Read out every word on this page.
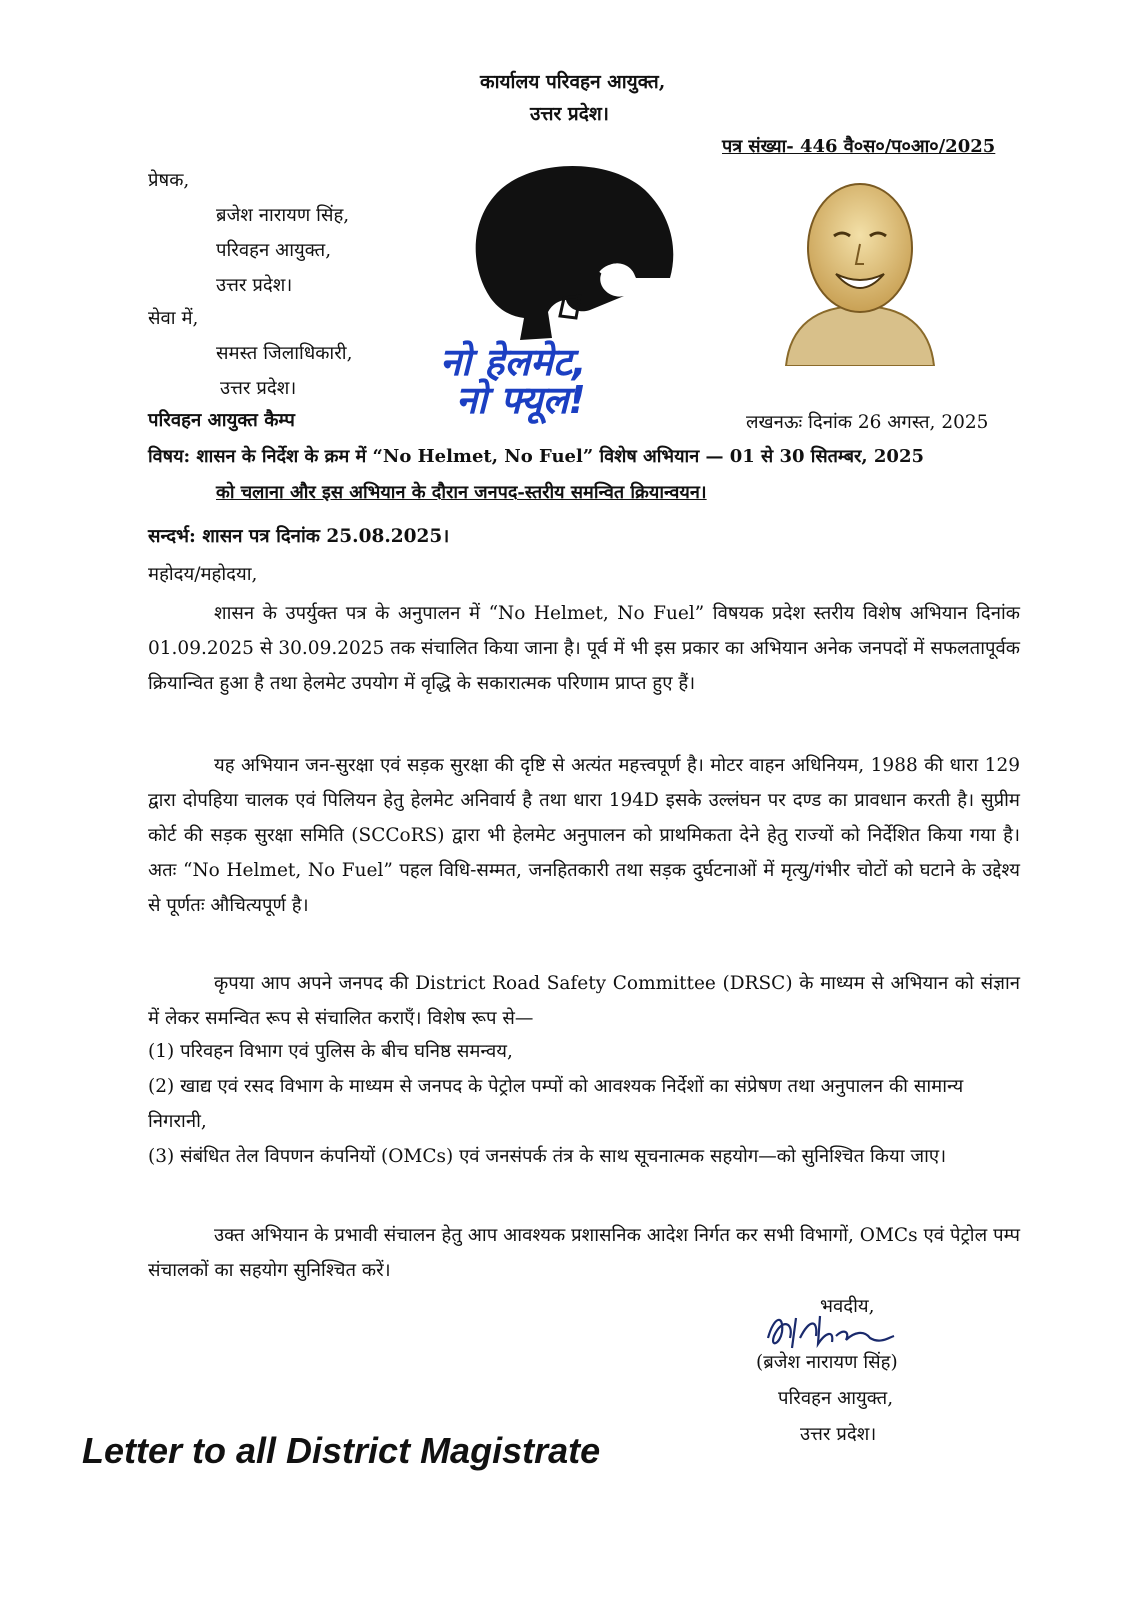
कार्यालय परिवहन आयुक्त,
उत्तर प्रदेश।
पत्र संख्या- 446 वै०स०/प०आ०/2025
प्रेषक,
ब्रजेश नारायण सिंह,
परिवहन आयुक्त,
उत्तर प्रदेश।
सेवा में,
समस्त जिलाधिकारी,
उत्तर प्रदेश।
नो हेलमेट,
नो फ्यूल!
परिवहन आयुक्त कैम्प	लखनऊः दिनांक 26 अगस्त, 2025
विषय: शासन के निर्देश के क्रम में “No Helmet, No Fuel” विशेष अभियान — 01 से 30 सितम्बर, 2025
को चलाना और इस अभियान के दौरान जनपद-स्तरीय समन्वित क्रियान्वयन।
सन्दर्भ: शासन पत्र दिनांक 25.08.2025।
महोदय/महोदया,

शासन के उपर्युक्त पत्र के अनुपालन में “No Helmet, No Fuel” विषयक प्रदेश स्तरीय विशेष अभियान दिनांक 01.09.2025 से 30.09.2025 तक संचालित किया जाना है। पूर्व में भी इस प्रकार का अभियान अनेक जनपदों में सफलतापूर्वक क्रियान्वित हुआ है तथा हेलमेट उपयोग में वृद्धि के सकारात्मक परिणाम प्राप्त हुए हैं।

यह अभियान जन-सुरक्षा एवं सड़क सुरक्षा की दृष्टि से अत्यंत महत्त्वपूर्ण है। मोटर वाहन अधिनियम, 1988 की धारा 129 द्वारा दोपहिया चालक एवं पिलियन हेतु हेलमेट अनिवार्य है तथा धारा 194D इसके उल्लंघन पर दण्ड का प्रावधान करती है। सुप्रीम कोर्ट की सड़क सुरक्षा समिति (SCCoRS) द्वारा भी हेलमेट अनुपालन को प्राथमिकता देने हेतु राज्यों को निर्देशित किया गया है। अतः “No Helmet, No Fuel” पहल विधि-सम्मत, जनहितकारी तथा सड़क दुर्घटनाओं में मृत्यु/गंभीर चोटों को घटाने के उद्देश्य से पूर्णतः औचित्यपूर्ण है।

कृपया आप अपने जनपद की District Road Safety Committee (DRSC) के माध्यम से अभियान को संज्ञान में लेकर समन्वित रूप से संचालित कराएँ। विशेष रूप से—

(1) परिवहन विभाग एवं पुलिस के बीच घनिष्ठ समन्वय,

(2) खाद्य एवं रसद विभाग के माध्यम से जनपद के पेट्रोल पम्पों को आवश्यक निर्देशों का संप्रेषण तथा अनुपालन की सामान्य निगरानी,

(3) संबंधित तेल विपणन कंपनियों (OMCs) एवं जनसंपर्क तंत्र के साथ सूचनात्मक सहयोग—को सुनिश्चित किया जाए।

उक्त अभियान के प्रभावी संचालन हेतु आप आवश्यक प्रशासनिक आदेश निर्गत कर सभी विभागों, OMCs एवं पेट्रोल पम्प संचालकों का सहयोग सुनिश्चित करें।

भवदीय,
(ब्रजेश नारायण सिंह)
परिवहन आयुक्त,
उत्तर प्रदेश।
Letter to all District Magistrate
